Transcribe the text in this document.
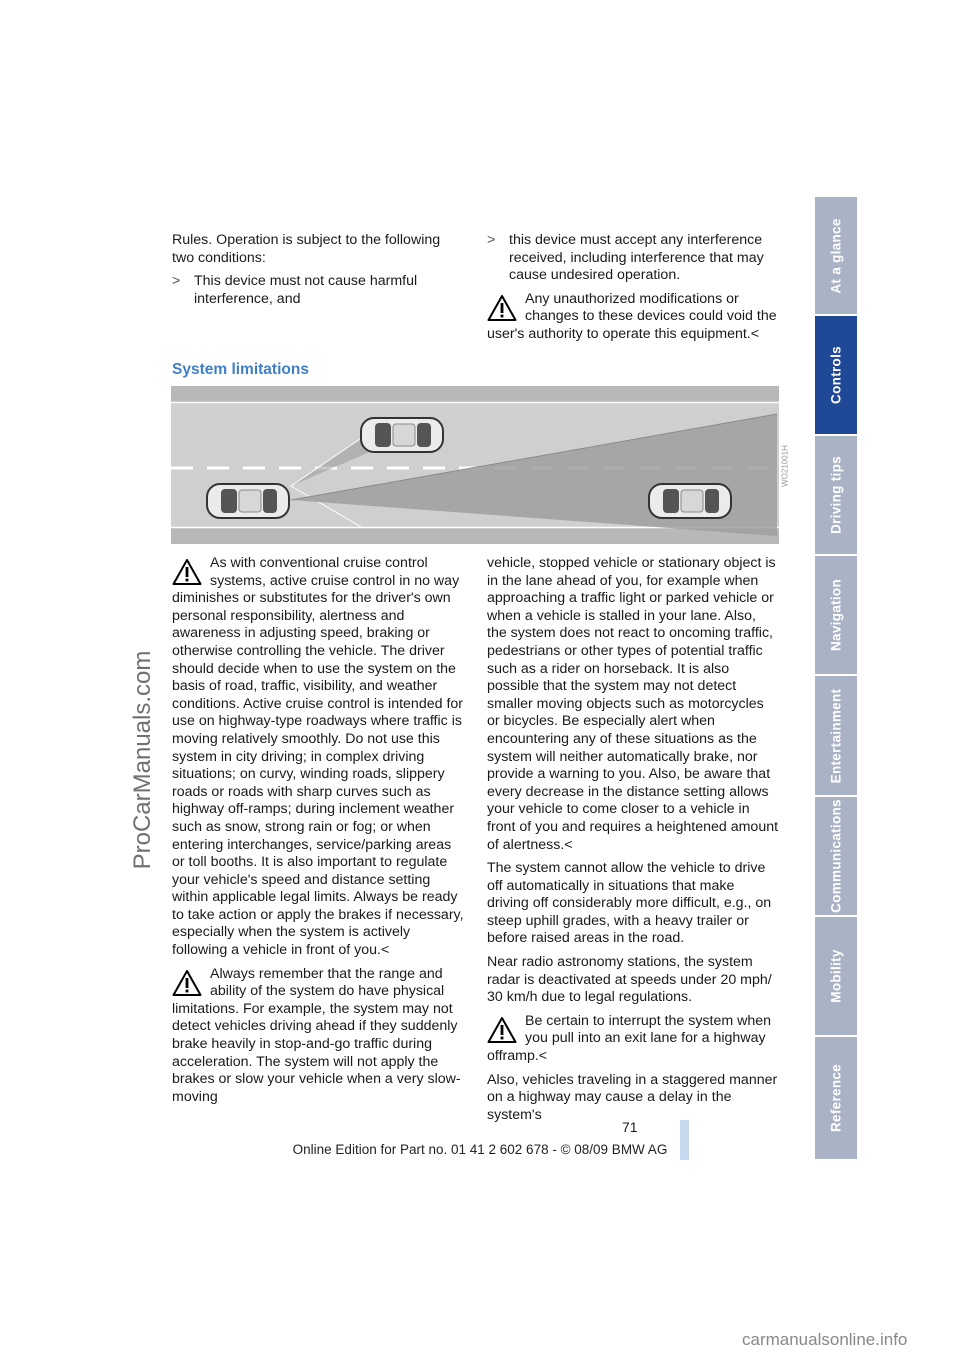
Rules. Operation is subject to the following two conditions:

> This device must not cause harmful interference, and
> this device must accept any interference received, including interference that may cause undesired operation.
Any unauthorized modifications or changes to these devices could void the user's authority to operate this equipment.<
System limitations
WO21001H
As with conventional cruise control systems, active cruise control in no way diminishes or substitutes for the driver's own personal responsibility, alertness and awareness in adjusting speed, braking or otherwise controlling the vehicle. The driver should decide when to use the system on the basis of road, traffic, visibility, and weather conditions. Active cruise control is intended for use on highway-type roadways where traffic is moving relatively smoothly. Do not use this system in city driving; in complex driving situations; on curvy, winding roads, slippery roads or roads with sharp curves such as highway off-ramps; during inclement weather such as snow, strong rain or fog; or when entering interchanges, service/parking areas or toll booths. It is also important to regulate your vehicle's speed and distance setting within applicable legal limits. Always be ready to take action or apply the brakes if necessary, especially when the system is actively following a vehicle in front of you.<
Always remember that the range and ability of the system do have physical limitations. For example, the system may not detect vehicles driving ahead if they suddenly brake heavily in stop-and-go traffic during acceleration. The system will not apply the brakes or slow your vehicle when a very slow-moving

vehicle, stopped vehicle or stationary object is in the lane ahead of you, for example when approaching a traffic light or parked vehicle or when a vehicle is stalled in your lane. Also, the system does not react to oncoming traffic, pedestrians or other types of potential traffic such as a rider on horseback. It is also possible that the system may not detect smaller moving objects such as motorcycles or bicycles. Be especially alert when encountering any of these situations as the system will neither automatically brake, nor provide a warning to you. Also, be aware that every decrease in the distance setting allows your vehicle to come closer to a vehicle in front of you and requires a heightened amount of alertness.<

The system cannot allow the vehicle to drive off automatically in situations that make driving off considerably more difficult, e.g., on steep uphill grades, with a heavy trailer or before raised areas in the road.

Near radio astronomy stations, the system radar is deactivated at speeds under 20 mph/ 30 km/h due to legal regulations.

Be certain to interrupt the system when you pull into an exit lane for a highway offramp.<

Also, vehicles traveling in a staggered manner on a highway may cause a delay in the system's

At a glance
Controls
Driving tips
Navigation
Entertainment
Communications
Mobility
Reference
ProCarManuals.com
71
Online Edition for Part no. 01 41 2 602 678 - © 08/09 BMW AG
carmanualsonline.info
